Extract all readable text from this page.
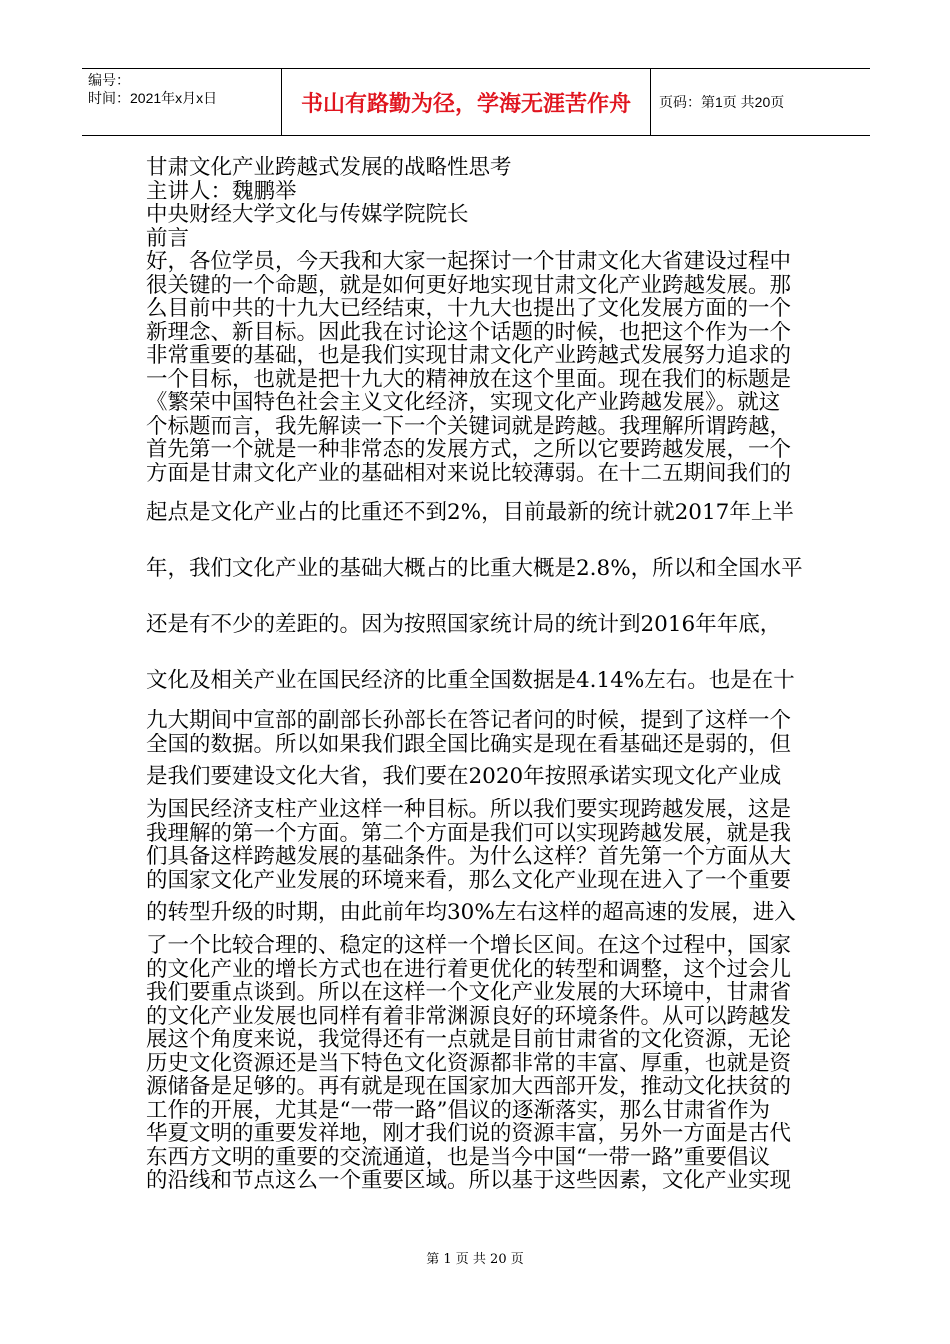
编号：
时间：2021年x月x日	书山有路勤为径，学海无涯苦作舟	页码：第1页 共20页
甘肃文化产业跨越式发展的战略性思考
主讲人：魏鹏举
中央财经大学文化与传媒学院院长
前言
好，各位学员，今天我和大家一起探讨一个甘肃文化大省建设过程中
很关键的一个命题，就是如何更好地实现甘肃文化产业跨越发展。那
么目前中共的十九大已经结束，十九大也提出了文化发展方面的一个
新理念、新目标。因此我在讨论这个话题的时候，也把这个作为一个
非常重要的基础，也是我们实现甘肃文化产业跨越式发展努力追求的
一个目标，也就是把十九大的精神放在这个里面。现在我们的标题是
《繁荣中国特色社会主义文化经济，实现文化产业跨越发展》。就这
个标题而言，我先解读一下一个关键词就是跨越。我理解所谓跨越，
首先第一个就是一种非常态的发展方式，之所以它要跨越发展，一个
方面是甘肃文化产业的基础相对来说比较薄弱。在十二五期间我们的
起点是文化产业占的比重还不到2%，目前最新的统计就2017年上半
年，我们文化产业的基础大概占的比重大概是2.8%，所以和全国水平
还是有不少的差距的。因为按照国家统计局的统计到2016年年底，
文化及相关产业在国民经济的比重全国数据是4.14%左右。也是在十
九大期间中宣部的副部长孙部长在答记者问的时候，提到了这样一个
全国的数据。所以如果我们跟全国比确实是现在看基础还是弱的，但
是我们要建设文化大省，我们要在2020年按照承诺实现文化产业成
为国民经济支柱产业这样一种目标。所以我们要实现跨越发展，这是
我理解的第一个方面。第二个方面是我们可以实现跨越发展，就是我
们具备这样跨越发展的基础条件。为什么这样？首先第一个方面从大
的国家文化产业发展的环境来看，那么文化产业现在进入了一个重要
的转型升级的时期，由此前年均30%左右这样的超高速的发展，进入
了一个比较合理的、稳定的这样一个增长区间。在这个过程中，国家
的文化产业的增长方式也在进行着更优化的转型和调整，这个过会儿
我们要重点谈到。所以在这样一个文化产业发展的大环境中，甘肃省
的文化产业发展也同样有着非常渊源良好的环境条件。从可以跨越发
展这个角度来说，我觉得还有一点就是目前甘肃省的文化资源，无论
历史文化资源还是当下特色文化资源都非常的丰富、厚重，也就是资
源储备是足够的。再有就是现在国家加大西部开发，推动文化扶贫的
工作的开展，尤其是“一带一路”倡议的逐渐落实，那么甘肃省作为
华夏文明的重要发祥地，刚才我们说的资源丰富，另外一方面是古代
东西方文明的重要的交流通道，也是当今中国“一带一路”重要倡议
的沿线和节点这么一个重要区域。所以基于这些因素，文化产业实现
第 1 页 共 20 页
